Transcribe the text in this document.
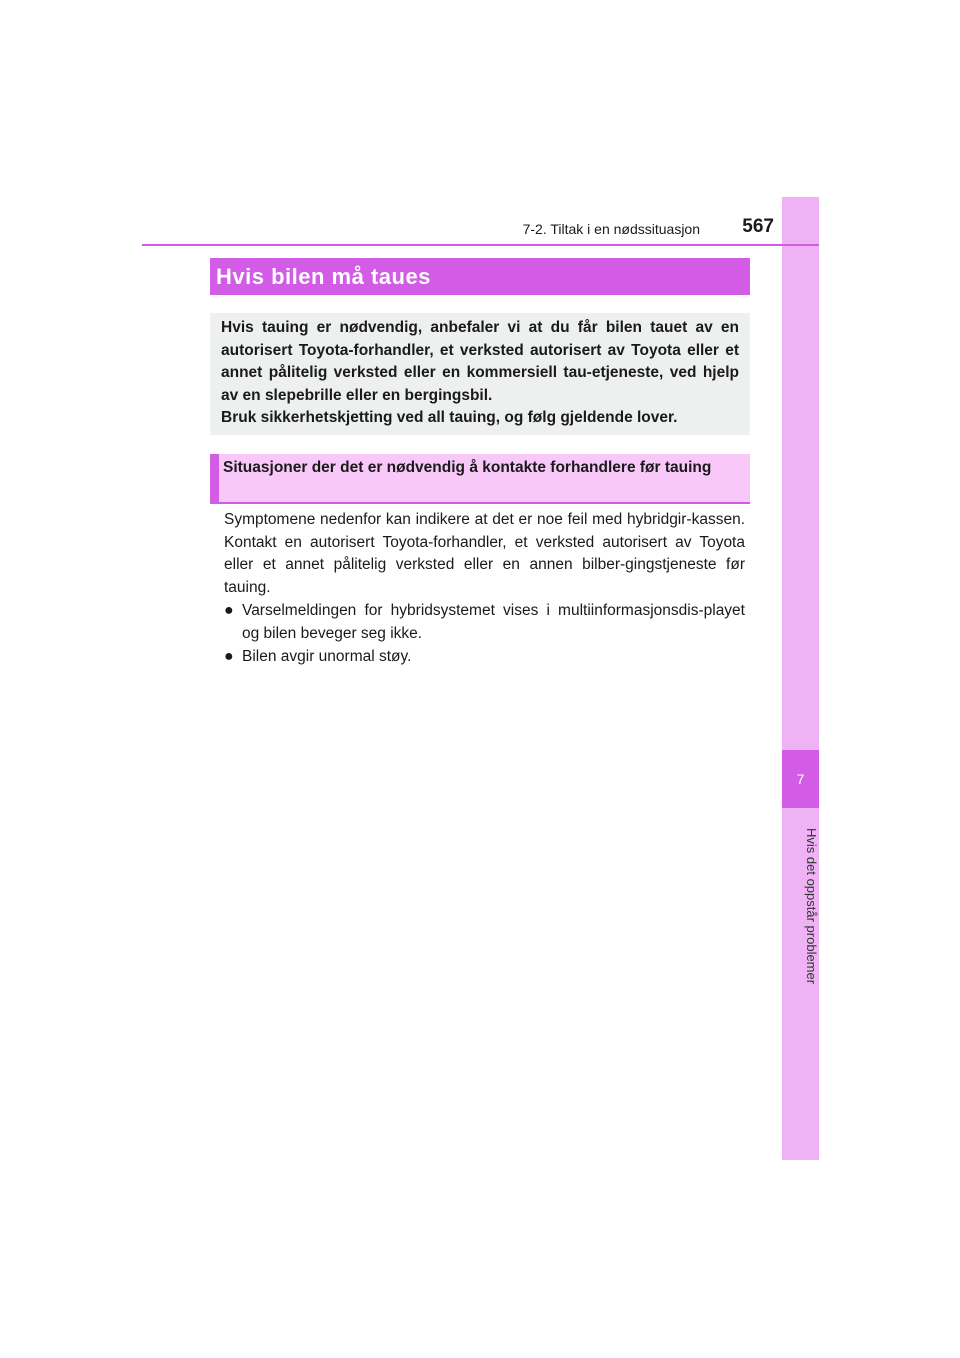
7
Hvis det oppstår problemer
7-2. Tiltak i en nødssituasjon	567
Hvis bilen må taues

Hvis tauing er nødvendig, anbefaler vi at du får bilen tauet av en autorisert Toyota-forhandler, et verksted autorisert av Toyota eller et annet pålitelig verksted eller en kommersiell tau-etjeneste, ved hjelp av en slepebrille eller en bergingsbil.

Bruk sikkerhetskjetting ved all tauing, og følg gjeldende lover.

Situasjoner der det er nødvendig å kontakte forhandlere før tauing

Symptomene nedenfor kan indikere at det er noe feil med hybridgir-kassen. Kontakt en autorisert Toyota-forhandler, et verksted autorisert av Toyota eller et annet pålitelig verksted eller en annen bilber-gingstjeneste før tauing.

● Varselmeldingen for hybridsystemet vises i multiinformasjonsdis-playet og bilen beveger seg ikke.
● Bilen avgir unormal støy.
